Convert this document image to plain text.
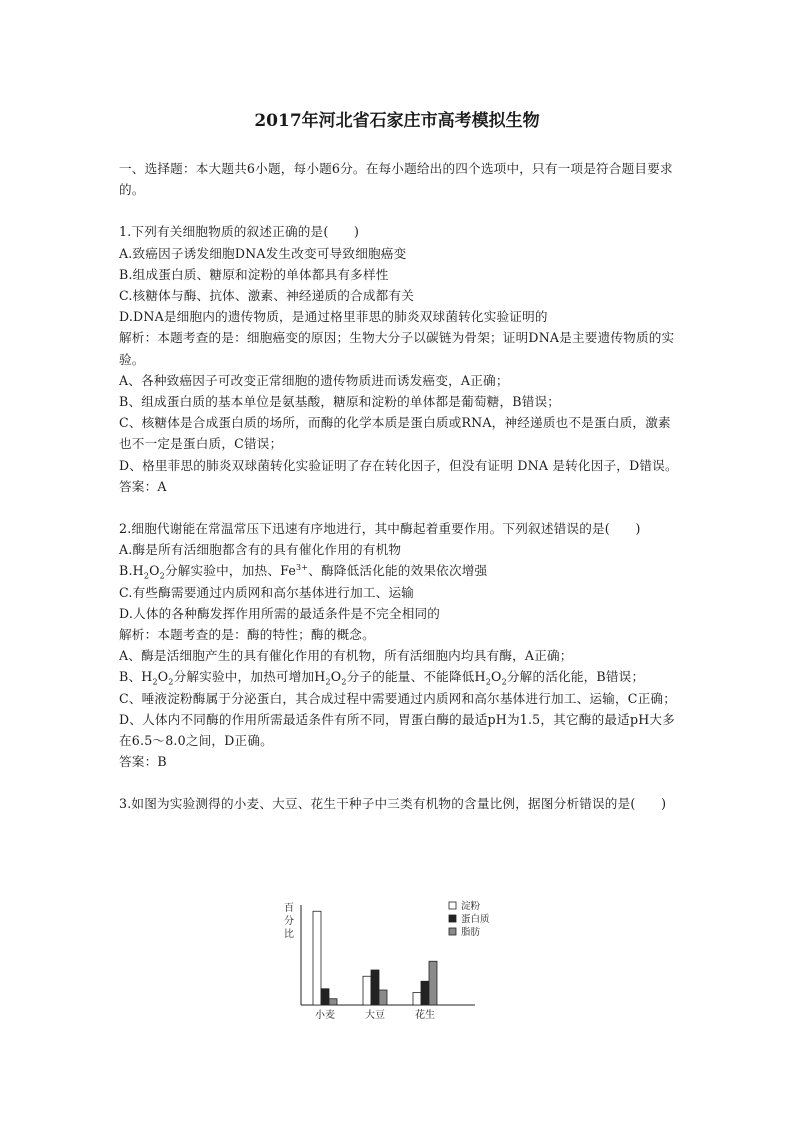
2017年河北省石家庄市高考模拟生物

一、选择题：本大题共6小题，每小题6分。在每小题给出的四个选项中，只有一项是符合题目要求的。

1.下列有关细胞物质的叙述正确的是(　　)

A.致癌因子诱发细胞DNA发生改变可导致细胞癌变

B.组成蛋白质、糖原和淀粉的单体都具有多样性

C.核糖体与酶、抗体、激素、神经递质的合成都有关

D.DNA是细胞内的遗传物质，是通过格里菲思的肺炎双球菌转化实验证明的

解析：本题考查的是：细胞癌变的原因；生物大分子以碳链为骨架；证明DNA是主要遗传物质的实验。

A、各种致癌因子可改变正常细胞的遗传物质进而诱发癌变，A正确；

B、组成蛋白质的基本单位是氨基酸，糖原和淀粉的单体都是葡萄糖，B错误；

C、核糖体是合成蛋白质的场所，而酶的化学本质是蛋白质或RNA，神经递质也不是蛋白质，激素也不一定是蛋白质，C错误；

D、格里菲思的肺炎双球菌转化实验证明了存在转化因子，但没有证明 DNA 是转化因子，D错误。

答案：A

2.细胞代谢能在常温常压下迅速有序地进行，其中酶起着重要作用。下列叙述错误的是(　　)

A.酶是所有活细胞都含有的具有催化作用的有机物

$B.H_2O_2$分解实验中，加热、$Fe^{3+}$、酶降低活化能的效果依次增强

C.有些酶需要通过内质网和高尔基体进行加工、运输

D.人体的各种酶发挥作用所需的最适条件是不完全相同的

解析：本题考查的是：酶的特性；酶的概念。

A、酶是活细胞产生的具有催化作用的有机物，所有活细胞内均具有酶，A正确；

B、$H_2O_2$分解实验中，加热可增加$H_2O_2$分子的能量、不能降低$H_2O_2$分解的活化能，B错误；

C、唾液淀粉酶属于分泌蛋白，其合成过程中需要通过内质网和高尔基体进行加工、运输，C正确；

D、人体内不同酶的作用所需最适条件有所不同，胃蛋白酶的最适pH为1.5，其它酶的最适pH大多在6.5～8.0之间，D正确。

答案：B

3.如图为实验测得的小麦、大豆、花生干种子中三类有机物的含量比例，据图分析错误的是(　　)

百
分
比
小麦	大豆	花生
淀粉
蛋白质
脂肪
